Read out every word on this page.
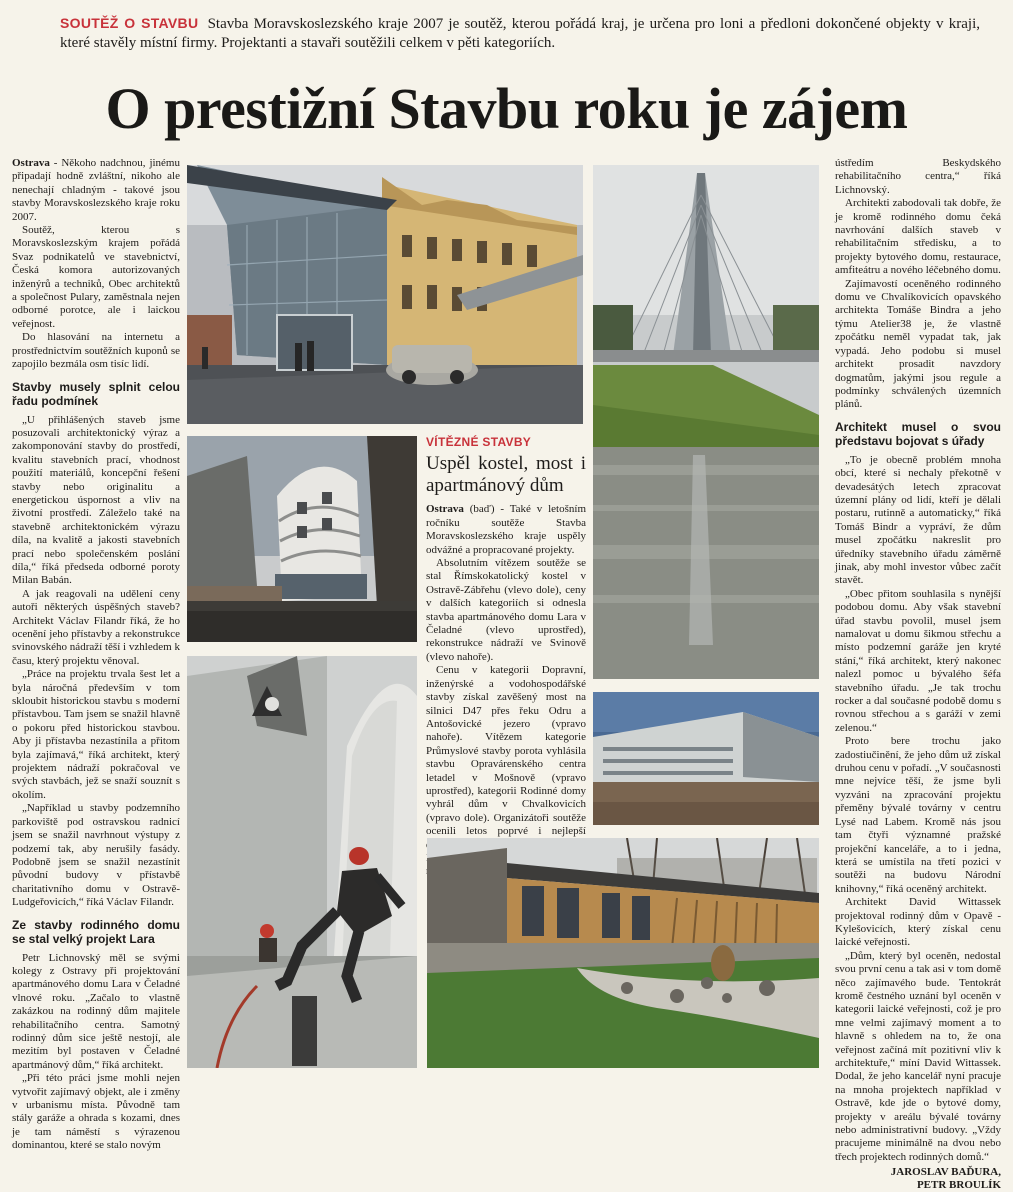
SOUTĚŽ O STAVBU Stavba Moravskoslezského kraje 2007 je soutěž, kterou pořádá kraj, je určena pro loni a předloni dokončené objekty v kraji, které stavěly místní firmy. Projektanti a stavaři soutěžili celkem v pěti kategoriích.
O prestižní Stavbu roku je zájem

Ostrava - Někoho nadchnou, jinému připadají hodně zvláštní, nikoho ale nenechají chladným - takové jsou stavby Moravskoslezského kraje roku 2007.

Soutěž, kterou s Moravskoslezským krajem pořádá Svaz podnikatelů ve stavebnictví, Česká komora autorizovaných inženýrů a techniků, Obec architektů a společnost Pulary, zaměstnala nejen odborné porotce, ale i laickou veřejnost.

Do hlasování na internetu a prostřednictvím soutěžních kuponů se zapojilo bezmála osm tisíc lidí.

Stavby musely splnit celou řadu podmínek

„U přihlášených staveb jsme posuzovali architektonický výraz a zakomponování stavby do prostředí, kvalitu stavebních prací, vhodnost použití materiálů, koncepční řešení stavby nebo originalitu a energetickou úspornost a vliv na životní prostředí. Záleželo také na stavebně architektonickém výrazu díla, na kvalitě a jakosti stavebních prací nebo společenském poslání díla,“ říká předseda odborné poroty Milan Babán.

A jak reagovali na udělení ceny autoři některých úspěšných staveb? Architekt Václav Filandr říká, že ho ocenění jeho přístavby a rekonstrukce svinovského nádraží těší i vzhledem k času, který projektu věnoval.

„Práce na projektu trvala šest let a byla náročná především v tom skloubit historickou stavbu s moderní přístavbou. Tam jsem se snažil hlavně o pokoru před historickou stavbou. Aby ji přístavba nezastínila a přitom byla zajímavá,“ říká architekt, který projektem nádraží pokračoval ve svých stavbách, jež se snaží souznít s okolím.

„Například u stavby podzemního parkoviště pod ostravskou radnicí jsem se snažil navrhnout výstupy z podzemí tak, aby nerušily fasády. Podobně jsem se snažil nezastínit původní budovy v přístavbě charitativního domu v Ostravě-Ludgeřovicích,“ říká Václav Filandr.

Ze stavby rodinného domu se stal velký projekt Lara

Petr Lichnovský měl se svými kolegy z Ostravy při projektování apartmánového domu Lara v Čeladné vlnové roku. „Začalo to vlastně zakázkou na rodinný dům majitele rehabilitačního centra. Samotný rodinný dům sice ještě nestojí, ale mezitím byl postaven v Čeladné apartmánový dům,“ říká architekt.

„Při této práci jsme mohli nejen vytvořit zajímavý objekt, ale i změny v urbanismu místa. Původně tam stály garáže a ohrada s kozami, dnes je tam náměstí s výrazenou dominantou, které se stalo novým

VÍTĚZNÉ STAVBY
Uspěl kostel, most i apartmánový dům

Ostrava (baď) - Také v letošním ročníku soutěže Stavba Moravskoslezského kraje uspěly odvážné a propracované projekty.

Absolutním vítězem soutěže se stal Římskokatolický kostel v Ostravě-Zábřehu (vlevo dole), ceny v dalších kategoriích si odnesla stavba apartmánového domu Lara v Čeladné (vlevo uprostřed), rekonstrukce nádraží ve Svinově (vlevo nahoře).

Cenu v kategorii Dopravní, inženýrské a vodohospodářské stavby získal zavěšený most na silnici D47 přes řeku Odru a Antošovické jezero (vpravo nahoře). Vítězem kategorie Průmyslové stavby porota vyhlásila stavbu Opravárenského centra letadel v Mošnově (vpravo uprostřed), kategorii Rodinné domy vyhrál dům v Chvalkovicích (vpravo dole). Organizátoři soutěže ocenili letos poprvé i nejlepší

ústředím Beskydského rehabilitačního centra,“ říká Lichnovský.

Architekti zabodovali tak dobře, že je kromě rodinného domu čeká navrhování dalších staveb v rehabilitačním středisku, a to projekty bytového domu, restaurace, amfiteátru a nového léčebného domu.

Zajímavostí oceněného rodinného domu ve Chvalíkovicích opavského architekta Tomáše Bindra a jeho týmu Atelier38 je, že vlastně zpočátku neměl vypadat tak, jak vypadá. Jeho podobu si musel architekt prosadit navzdory dogmatům, jakými jsou regule a podmínky schválených územních plánů.

Architekt musel o svou představu bojovat s úřady

„To je obecně problém mnoha obcí, které si nechaly překotně v devadesátých letech zpracovat územní plány od lidí, kteří je dělali postaru, rutinně a automaticky,“ říká Tomáš Bindr a vypráví, že dům musel zpočátku nakreslit pro úředníky stavebního úřadu záměrně jinak, aby mohl investor vůbec začít stavět.

„Obec přitom souhlasila s nynější podobou domu. Aby však stavební úřad stavbu povolil, musel jsem namalovat u domu šikmou střechu a místo podzemní garáže jen kryté stání,“ říká architekt, který nakonec nalezl pomoc u bývalého šéfa stavebního úřadu. „Je tak trochu rocker a dal současné podobě domu s rovnou střechou a s garáží v zemi zelenou.“

Proto bere trochu jako zadostiučinění, že jeho dům už získal druhou cenu v pořadí. „V současnosti mne nejvíce těší, že jsme byli vyzváni na zpracování projektu přeměny bývalé továrny v centru Lysé nad Labem. Kromě nás jsou tam čtyři významné pražské projekční kanceláře, a to i jedna, která se umístila na třetí pozici v soutěži na budovu Národní knihovny,“ říká oceněný architekt.

Architekt David Wittassek projektoval rodinný dům v Opavě - Kylešovicích, který získal cenu laické veřejnosti.

„Dům, který byl oceněn, nedostal svou první cenu a tak asi v tom domě něco zajímavého bude. Tentokrát kromě čestného uznání byl oceněn v kategorii laické veřejnosti, což je pro mne velmi zajímavý moment a to hlavně s ohledem na to, že ona veřejnost začíná mít pozitivní vliv k architektuře,“ míní David Wittassek. Dodal, že jeho kancelář nyní pracuje na mnoha projektech například v Ostravě, kde jde o bytové domy, projekty v areálu bývalé továrny nebo administrativní budovy. „Vždy pracujeme minimálně na dvou nebo třech projektech rodinných domů.“

JAROSLAV BAĎURA,
PETR BROULÍK
